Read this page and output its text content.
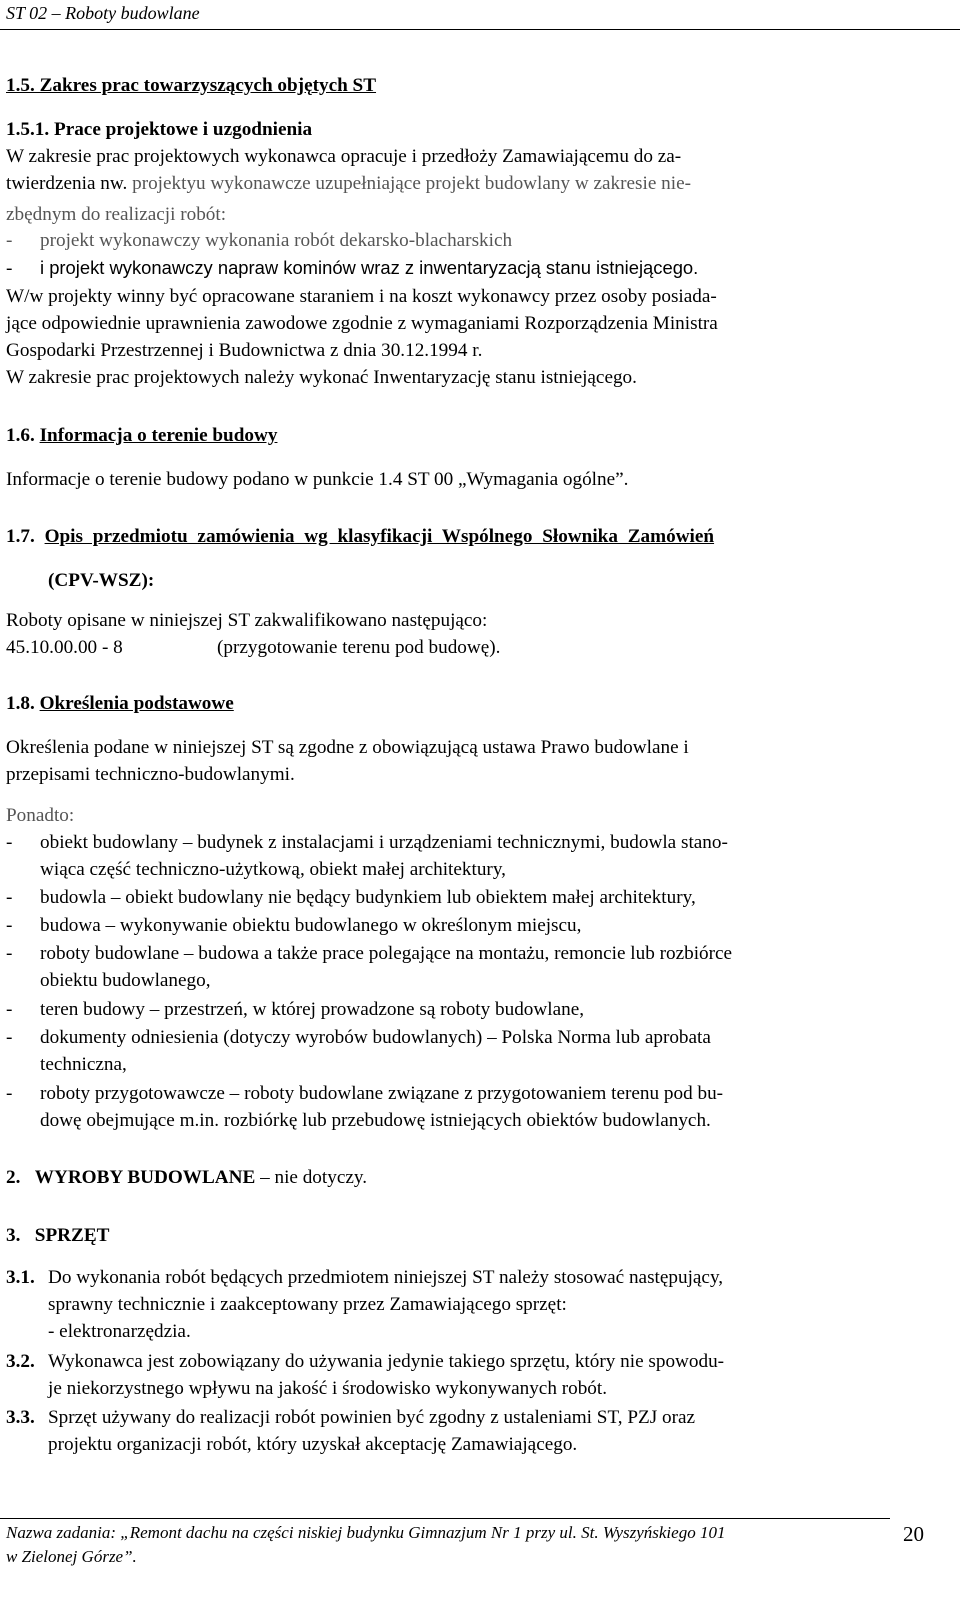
ST 02 – Roboty budowlane
1.5. Zakres prac towarzyszących objętych ST
1.5.1. Prace projektowe i uzgodnienia
W zakresie prac projektowych wykonawca opracuje i przedłoży Zamawiającemu do za-
twierdzenia nw. projektyu wykonawcze uzupełniające projekt budowlany w zakresie nie-
zbędnym do realizacji robót:
- projekt wykonawczy wykonania robót dekarsko-blacharskich
- i projekt wykonawczy napraw kominów wraz z inwentaryzacją stanu istniejącego.
W/w projekty winny być opracowane staraniem i na koszt wykonawcy przez osoby posiada-
jące odpowiednie uprawnienia zawodowe zgodnie z wymaganiami Rozporządzenia Ministra
Gospodarki Przestrzennej i Budownictwa z dnia 30.12.1994 r.
W zakresie prac projektowych należy wykonać Inwentaryzację stanu istniejącego.
1.6. Informacja o terenie budowy
Informacje o terenie budowy podano w punkcie 1.4 ST 00 „Wymagania ogólne”.
1.7. Opis przedmiotu zamówienia wg klasyfikacji Wspólnego Słownika Zamówień
(CPV-WSZ):
Roboty opisane w niniejszej ST zakwalifikowano następująco:
45.10.00.00 - 8	(przygotowanie terenu pod budowę).
1.8. Określenia podstawowe
Określenia podane w niniejszej ST są zgodne z obowiązującą ustawa Prawo budowlane i
przepisami techniczno-budowlanymi.
Ponadto:
- obiekt budowlany – budynek z instalacjami i urządzeniami technicznymi, budowla stano-
wiąca część techniczno-użytkową, obiekt małej architektury,
- budowla – obiekt budowlany nie będący budynkiem lub obiektem małej architektury,
- budowa – wykonywanie obiektu budowlanego w określonym miejscu,
- roboty budowlane – budowa a także prace polegające na montażu, remoncie lub rozbiórce
obiektu budowlanego,
- teren budowy – przestrzeń, w której prowadzone są roboty budowlane,
- dokumenty odniesienia (dotyczy wyrobów budowlanych) – Polska Norma lub aprobata
techniczna,
- roboty przygotowawcze – roboty budowlane związane z przygotowaniem terenu pod bu-
dowę obejmujące m.in. rozbiórkę lub przebudowę istniejących obiektów budowlanych.
2. WYROBY BUDOWLANE – nie dotyczy.
3. SPRZĘT
3.1. Do wykonania robót będących przedmiotem niniejszej ST należy stosować następujący,
sprawny technicznie i zaakceptowany przez Zamawiającego sprzęt:
- elektronarzędzia.
3.2. Wykonawca jest zobowiązany do używania jedynie takiego sprzętu, który nie spowodu-
je niekorzystnego wpływu na jakość i środowisko wykonywanych robót.
3.3. Sprzęt używany do realizacji robót powinien być zgodny z ustaleniami ST, PZJ oraz
projektu organizacji robót, który uzyskał akceptację Zamawiającego.
Nazwa zadania: „Remont dachu na części niskiej budynku Gimnazjum Nr 1 przy ul. St. Wyszyńskiego 101
w Zielonej Górze”.
20
